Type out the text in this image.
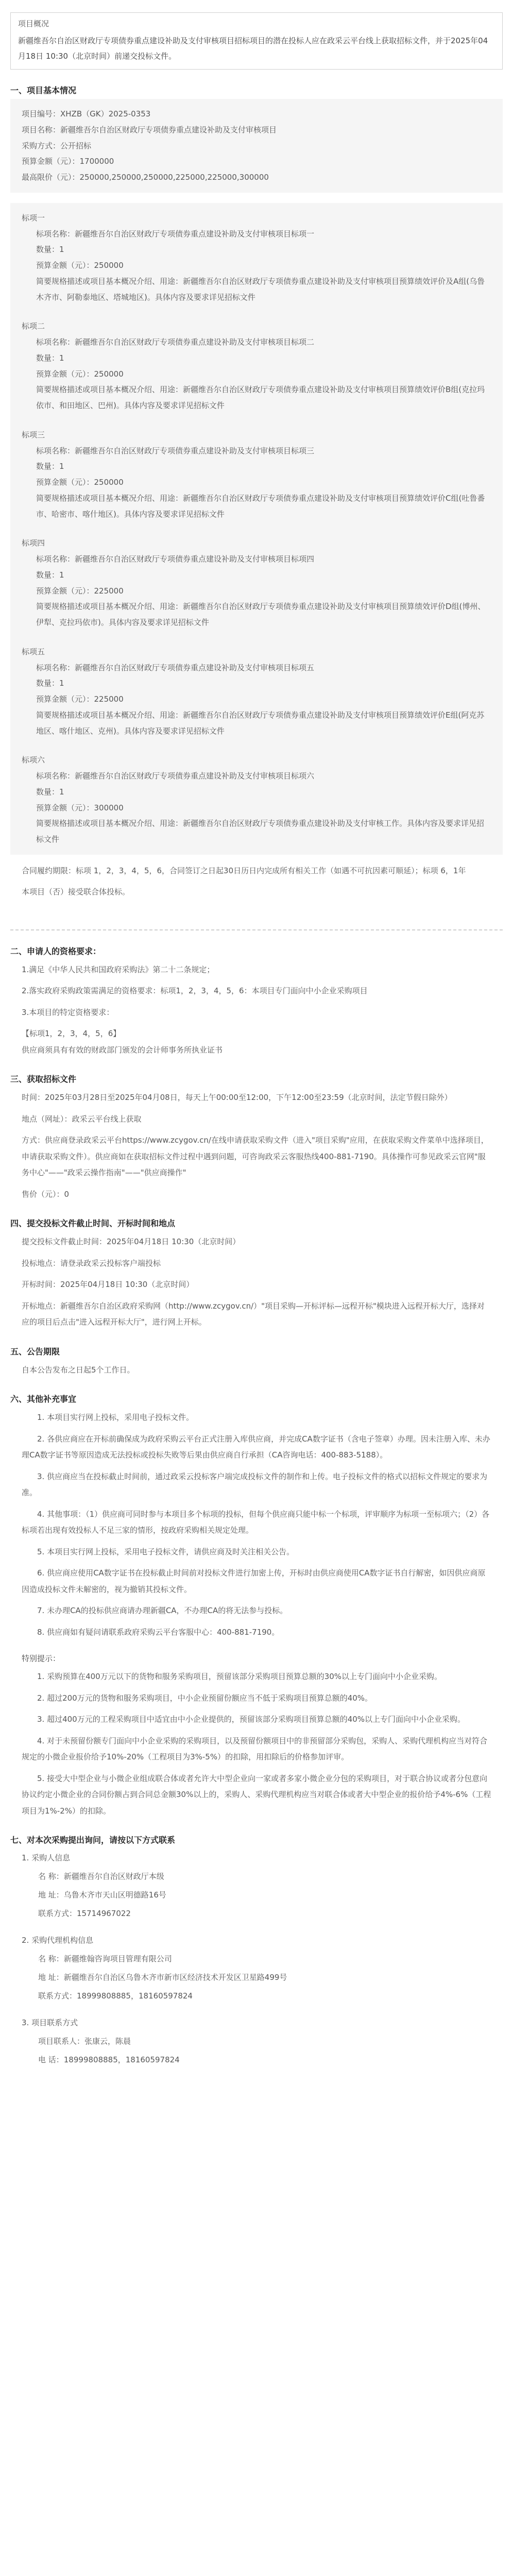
项目概况
新疆维吾尔自治区财政厅专项债券重点建设补助及支付审核项目招标项目的潜在投标人应在政采云平台线上获取招标文件，并于2025年04月18日 10:30（北京时间）前递交投标文件。
一、项目基本情况

项目编号：XHZB（GK）2025-0353

项目名称：新疆维吾尔自治区财政厅专项债券重点建设补助及支付审核项目

采购方式：公开招标

预算金额（元）：1700000

最高限价（元）：250000,250000,250000,225000,225000,300000

标项一

标项名称：新疆维吾尔自治区财政厅专项债券重点建设补助及支付审核项目标项一

数量：1

预算金额（元）：250000

简要规格描述或项目基本概况介绍、用途：新疆维吾尔自治区财政厅专项债券重点建设补助及支付审核项目预算绩效评价及A组(乌鲁木齐市、阿勒泰地区、塔城地区)。具体内容及要求详见招标文件

标项二

标项名称：新疆维吾尔自治区财政厅专项债券重点建设补助及支付审核项目标项二

数量：1

预算金额（元）：250000

简要规格描述或项目基本概况介绍、用途：新疆维吾尔自治区财政厅专项债券重点建设补助及支付审核项目预算绩效评价B组(克拉玛依市、和田地区、巴州)。具体内容及要求详见招标文件

标项三

标项名称：新疆维吾尔自治区财政厅专项债券重点建设补助及支付审核项目标项三

数量：1

预算金额（元）：250000

简要规格描述或项目基本概况介绍、用途：新疆维吾尔自治区财政厅专项债券重点建设补助及支付审核项目预算绩效评价C组(吐鲁番市、哈密市、喀什地区)。具体内容及要求详见招标文件

标项四

标项名称：新疆维吾尔自治区财政厅专项债券重点建设补助及支付审核项目标项四

数量：1

预算金额（元）：225000

简要规格描述或项目基本概况介绍、用途：新疆维吾尔自治区财政厅专项债券重点建设补助及支付审核项目预算绩效评价D组(博州、伊犁、克拉玛依市)。具体内容及要求详见招标文件

标项五

标项名称：新疆维吾尔自治区财政厅专项债券重点建设补助及支付审核项目标项五

数量：1

预算金额（元）：225000

简要规格描述或项目基本概况介绍、用途：新疆维吾尔自治区财政厅专项债券重点建设补助及支付审核项目预算绩效评价E组(阿克苏地区、喀什地区、克州)。具体内容及要求详见招标文件

标项六

标项名称：新疆维吾尔自治区财政厅专项债券重点建设补助及支付审核项目标项六

数量：1

预算金额（元）：300000

简要规格描述或项目基本概况介绍、用途：新疆维吾尔自治区财政厅专项债券重点建设补助及支付审核工作。具体内容及要求详见招标文件

合同履约期限：标项 1，2，3，4，5，6，合同签订之日起30日历日内完成所有相关工作（如遇不可抗因素可顺延）；标项 6，1年

本项目（否）接受联合体投标。

二、申请人的资格要求：

1.满足《中华人民共和国政府采购法》第二十二条规定；

2.落实政府采购政策需满足的资格要求：标项1，2，3，4，5，6：本项目专门面向中小企业采购项目

3.本项目的特定资格要求：

【标项1，2，3，4，5，6】

供应商须具有有效的财政部门颁发的会计师事务所执业证书

三、获取招标文件

时间：2025年03月28日至2025年04月08日，每天上午00:00至12:00，下午12:00至23:59（北京时间，法定节假日除外）

地点（网址）：政采云平台线上获取

方式：供应商登录政采云平台https://www.zcygov.cn/在线申请获取采购文件（进入"项目采购"应用，在获取采购文件菜单中选择项目，申请获取采购文件）。供应商如在获取招标文件过程中遇到问题，可咨询政采云客服热线400-881-7190。具体操作可参见政采云官网"服务中心"——"政采云操作指南"——"供应商操作"

售价（元）：0

四、提交投标文件截止时间、开标时间和地点

提交投标文件截止时间：2025年04月18日 10:30（北京时间）

投标地点：请登录政采云投标客户端投标

开标时间：2025年04月18日 10:30（北京时间）

开标地点：新疆维吾尔自治区政府采购网（http://www.zcygov.cn/）"项目采购—开标评标—远程开标"模块进入远程开标大厅，选择对应的项目后点击"进入远程开标大厅"，进行网上开标。

五、公告期限

自本公告发布之日起5个工作日。

六、其他补充事宜

1. 本项目实行网上投标，采用电子投标文件。

2. 各供应商应在开标前确保成为政府采购云平台正式注册入库供应商，并完成CA数字证书（含电子签章）办理。因未注册入库、未办理CA数字证书等原因造成无法投标或投标失败等后果由供应商自行承担（CA咨询电话：400-883-5188）。

3. 供应商应当在投标截止时间前，通过政采云投标客户端完成投标文件的制作和上传。电子投标文件的格式以招标文件规定的要求为准。

4. 其他事项：（1）供应商可同时参与本项目多个标项的投标，但每个供应商只能中标一个标项，评审顺序为标项一至标项六；（2）各标项若出现有效投标人不足三家的情形，按政府采购相关规定处理。

5. 本项目实行网上投标，采用电子投标文件，请供应商及时关注相关公告。

6. 供应商应使用CA数字证书在投标截止时间前对投标文件进行加密上传，开标时由供应商使用CA数字证书自行解密，如因供应商原因造成投标文件未解密的，视为撤销其投标文件。

7. 未办理CA的投标供应商请办理新疆CA，不办理CA的将无法参与投标。

8. 供应商如有疑问请联系政府采购云平台客服中心：400-881-7190。

特别提示：

1. 采购预算在400万元以下的货物和服务采购项目，预留该部分采购项目预算总额的30%以上专门面向中小企业采购。

2. 超过200万元的货物和服务采购项目，中小企业预留份额应当不低于采购项目预算总额的40%。

3. 超过400万元的工程采购项目中适宜由中小企业提供的，预留该部分采购项目预算总额的40%以上专门面向中小企业采购。

4. 对于未预留份额专门面向中小企业采购的采购项目，以及预留份额项目中的非预留部分采购包，采购人、采购代理机构应当对符合规定的小微企业报价给予10%-20%（工程项目为3%-5%）的扣除，用扣除后的价格参加评审。

5. 接受大中型企业与小微企业组成联合体或者允许大中型企业向一家或者多家小微企业分包的采购项目，对于联合协议或者分包意向协议约定小微企业的合同份额占到合同总金额30%以上的，采购人、采购代理机构应当对联合体或者大中型企业的报价给予4%-6%（工程项目为1%-2%）的扣除。

七、对本次采购提出询问，请按以下方式联系
1. 采购人信息
名 称：新疆维吾尔自治区财政厅本级
地 址：乌鲁木齐市天山区明德路16号
联系方式：15714967022
2. 采购代理机构信息
名 称：新疆维翰咨询项目管理有限公司
地 址：新疆维吾尔自治区乌鲁木齐市新市区经济技术开发区卫星路499号
联系方式：18999808885，18160597824
3. 项目联系方式
项目联系人：张康云，陈晨
电 话：18999808885，18160597824
